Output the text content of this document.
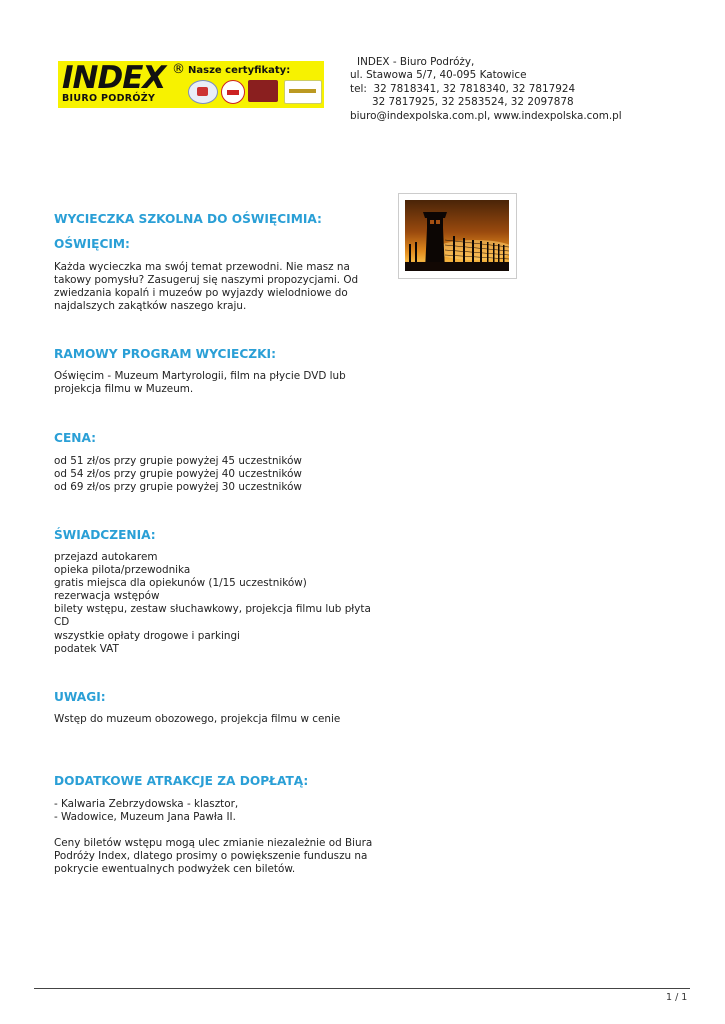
INDEX ®
BIURO PODRÓŻY
Nasze certyfikaty:
INDEX - Biuro Podróży,
ul. Stawowa 5/7, 40-095 Katowice
tel:  32 7818341, 32 7818340, 32 7817924
32 7817925, 32 2583524, 32 2097878
biuro@indexpolska.com.pl, www.indexpolska.com.pl
WYCIECZKA SZKOLNA DO OŚWIĘCIMIA:
OŚWIĘCIM:
Każda wycieczka ma swój temat przewodni. Nie masz na
takowy pomysłu? Zasugeruj się naszymi propozycjami. Od
zwiedzania kopalń i muzeów po wyjazdy wielodniowe do
najdalszych zakątków naszego kraju.
RAMOWY PROGRAM WYCIECZKI:
Oświęcim - Muzeum Martyrologii, film na płycie DVD lub
projekcja filmu w Muzeum.
CENA:
od 51 zł/os przy grupie powyżej 45 uczestników
od 54 zł/os przy grupie powyżej 40 uczestników
od 69 zł/os przy grupie powyżej 30 uczestników
ŚWIADCZENIA:
przejazd autokarem
opieka pilota/przewodnika
gratis miejsca dla opiekunów (1/15 uczestników)
rezerwacja wstępów
bilety wstępu, zestaw słuchawkowy, projekcja filmu lub płyta
CD
wszystkie opłaty drogowe i parkingi
podatek VAT
UWAGI:
Wstęp do muzeum obozowego, projekcja filmu w cenie
DODATKOWE ATRAKCJE ZA DOPŁATĄ:
- Kalwaria Zebrzydowska - klasztor,
- Wadowice, Muzeum Jana Pawła II.
Ceny biletów wstępu mogą ulec zmianie niezależnie od Biura
Podróży Index, dlatego prosimy o powiększenie funduszu na
pokrycie ewentualnych podwyżek cen biletów.
1 / 1
